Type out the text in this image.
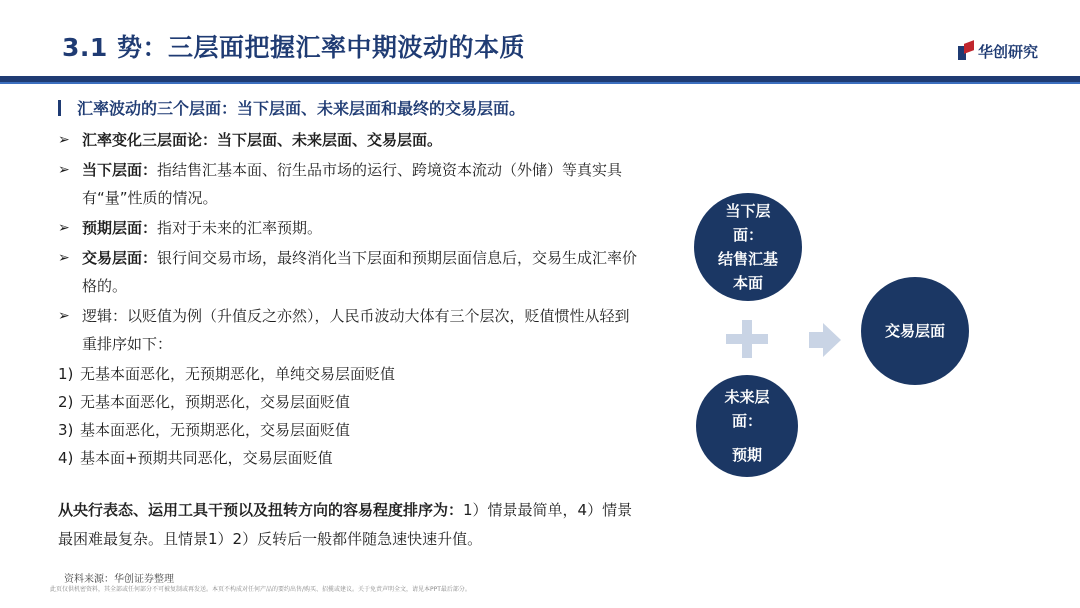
3.1 势：三层面把握汇率中期波动的本质	华创研究
汇率波动的三个层面：当下层面、未来层面和最终的交易层面。
➢ 汇率变化三层面论：当下层面、未来层面、交易层面。
➢ 当下层面：指结售汇基本面、衍生品市场的运行、跨境资本流动（外储）等真实具有“量”性质的情况。
➢ 预期层面：指对于未来的汇率预期。
➢ 交易层面：银行间交易市场，最终消化当下层面和预期层面信息后，交易生成汇率价格的。
➢ 逻辑：以贬值为例（升值反之亦然），人民币波动大体有三个层次，贬值惯性从轻到重排序如下：
1) 无基本面恶化，无预期恶化，单纯交易层面贬值
2) 无基本面恶化，预期恶化，交易层面贬值
3) 基本面恶化，无预期恶化，交易层面贬值
4) 基本面+预期共同恶化，交易层面贬值
从央行表态、运用工具干预以及扭转方向的容易程度排序为：1）情景最简单，4）情景最困难最复杂。且情景1）2）反转后一般都伴随急速快速升值。
资料来源：华创证券整理
此页仅供机密资料，其全部或任何部分不可被复制或再发送。本页不构成对任何产品的要约出售/购买、招揽或建议。关于免责声明全文，请见本PPT最后部分。
当下层
面：
结售汇基
本面
未来层
面：
预期
交易层面
